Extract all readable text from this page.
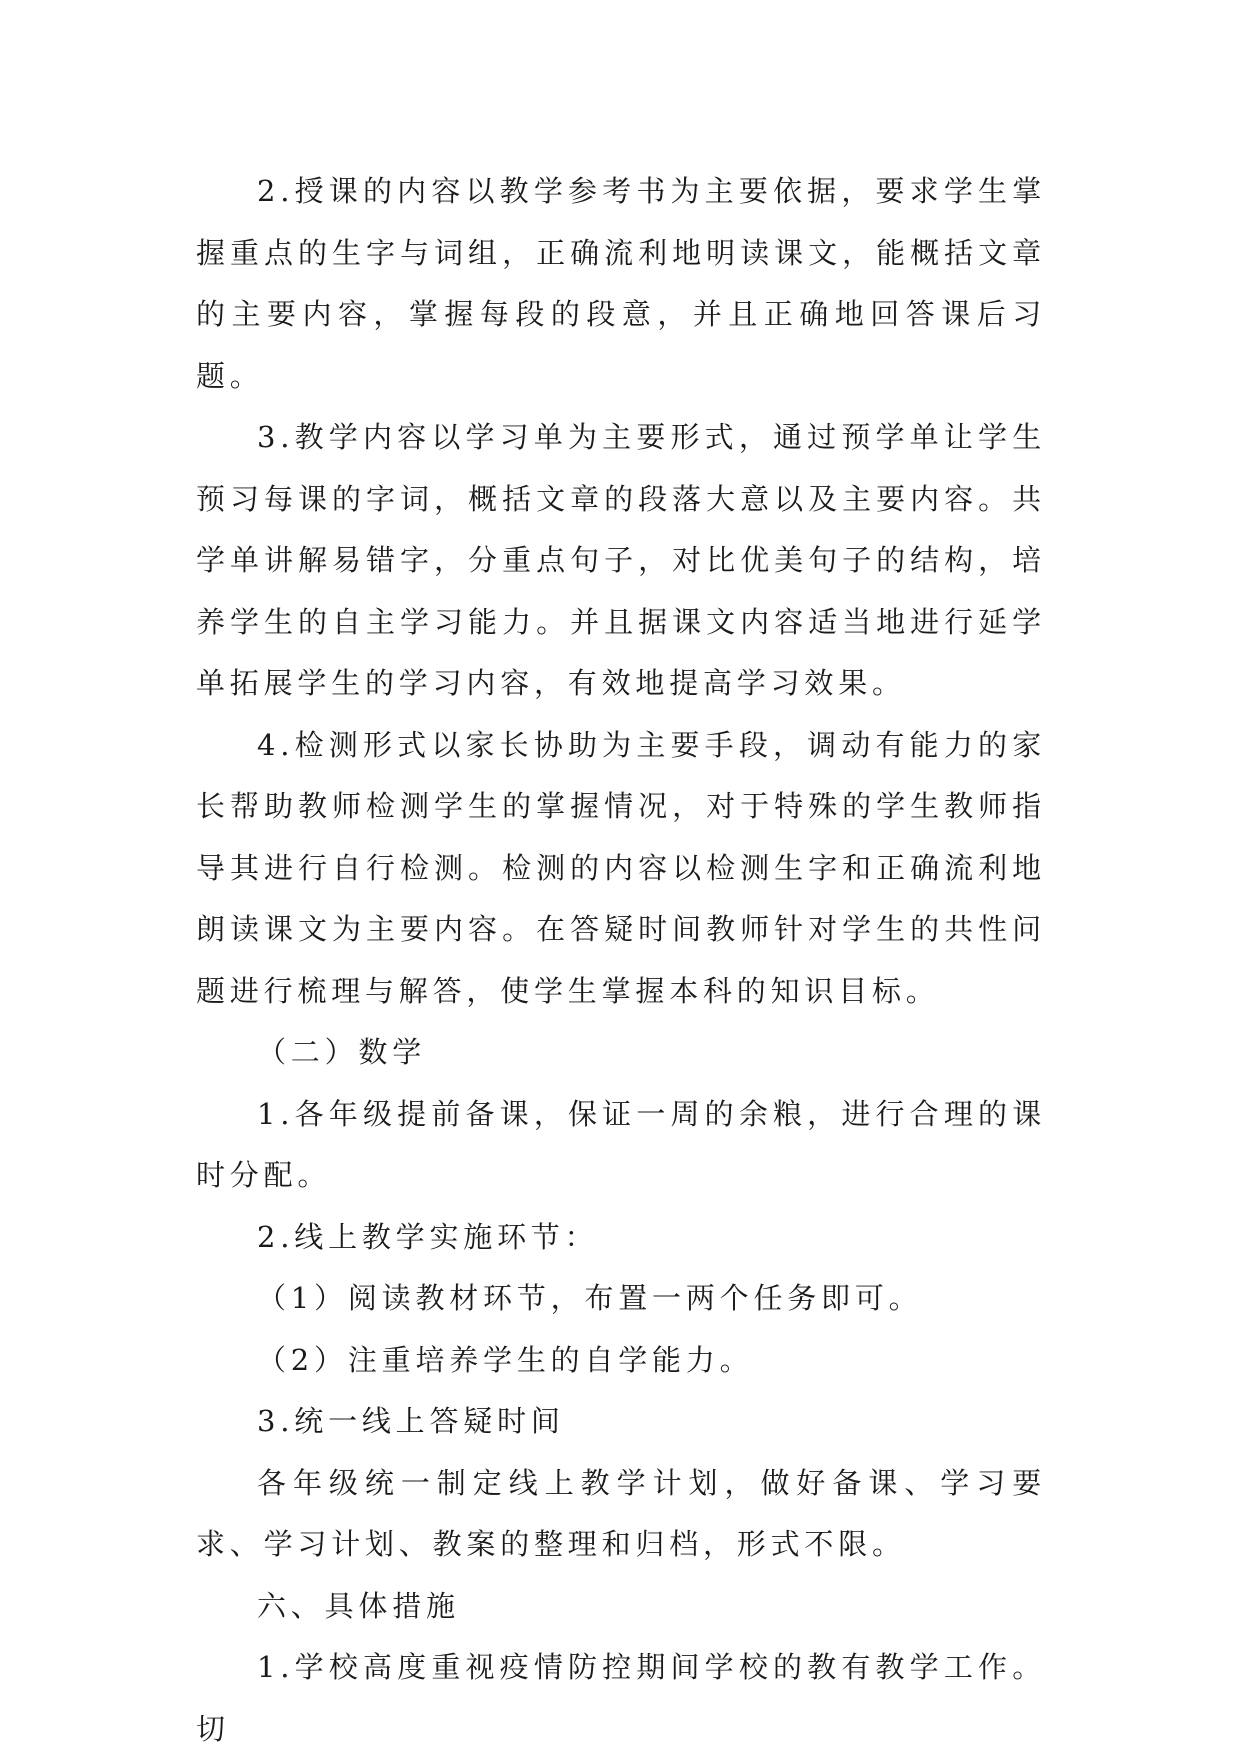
2.授课的内容以教学参考书为主要依据，要求学生掌握重点的生字与词组，正确流利地明读课文，能概括文章的主要内容，掌握每段的段意，并且正确地回答课后习题。

3.教学内容以学习单为主要形式，通过预学单让学生预习每课的字词，概括文章的段落大意以及主要内容。共学单讲解易错字，分重点句子，对比优美句子的结构，培养学生的自主学习能力。并且据课文内容适当地进行延学单拓展学生的学习内容，有效地提高学习效果。

4.检测形式以家长协助为主要手段，调动有能力的家长帮助教师检测学生的掌握情况，对于特殊的学生教师指导其进行自行检测。检测的内容以检测生字和正确流利地朗读课文为主要内容。在答疑时间教师针对学生的共性问题进行梳理与解答，使学生掌握本科的知识目标。

（二）数学

1.各年级提前备课，保证一周的余粮，进行合理的课时分配。

2.线上教学实施环节：

（1）阅读教材环节，布置一两个任务即可。

（2）注重培养学生的自学能力。

3.统一线上答疑时间

各年级统一制定线上教学计划，做好备课、学习要求、学习计划、教案的整理和归档，形式不限。

六、具体措施

1.学校高度重视疫情防控期间学校的教有教学工作。切
